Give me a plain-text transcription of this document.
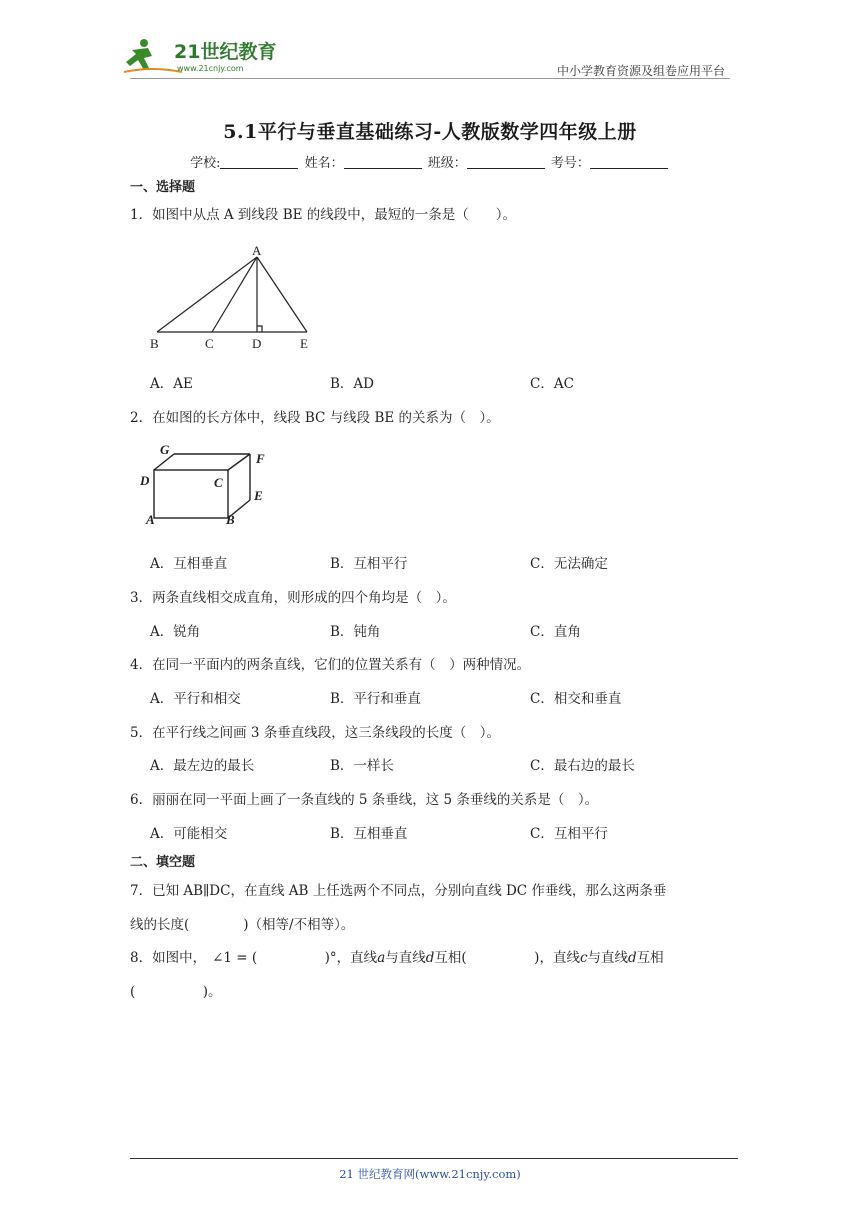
21世纪教育
www.21cnjy.com	中小学教育资源及组卷应用平台
5.1平行与垂直基础练习-人教版数学四年级上册
学校:	姓名：	班级：	考号：
一、选择题
1．如图中从点 A 到线段 BE 的线段中，最短的一条是（　　）。
A
B	C	D	E
A．AE	B．AD	C．AC
2．在如图的长方体中，线段 BC 与线段 BE 的关系为（　）。
G
F
D	C
E
A	B
A．互相垂直	B．互相平行	C．无法确定
3．两条直线相交成直角，则形成的四个角均是（　）。
A．锐角	B．钝角	C．直角
4．在同一平面内的两条直线，它们的位置关系有（　）两种情况。
A．平行和相交	B．平行和垂直	C．相交和垂直
5．在平行线之间画 3 条垂直线段，这三条线段的长度（　）。
A．最左边的最长	B．一样长	C．最右边的最长
6．丽丽在同一平面上画了一条直线的 5 条垂线，这 5 条垂线的关系是（　）。
A．可能相交	B．互相垂直	C．互相平行
二、填空题
7．已知 AB∥DC，在直线 AB 上任选两个不同点，分别向直线 DC 作垂线，那么这两条垂
线的长度(　　　　)（相等/不相等）。
8．如图中， ∠1 = (　　　　　)°，直线a与直线d互相(　　　　　)，直线c与直线d互相
(　　　　　)。
21 世纪教育网(www.21cnjy.com)
